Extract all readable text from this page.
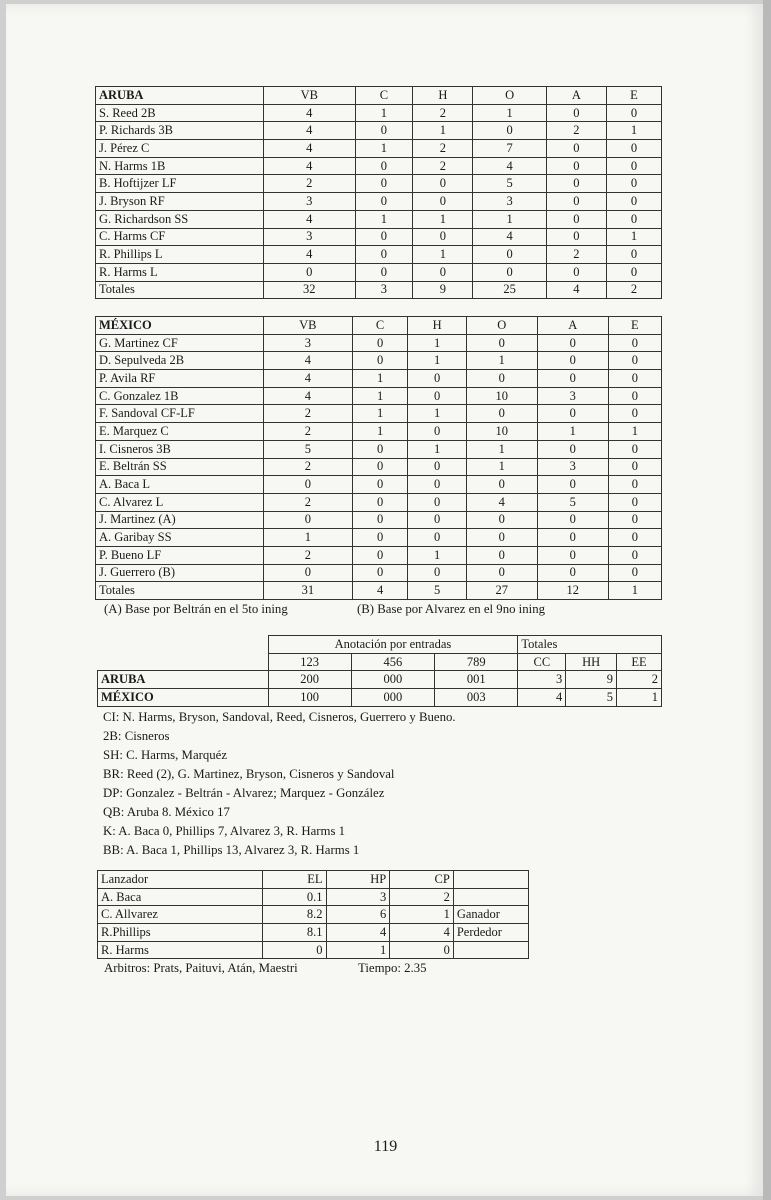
ARUBA	VB	C	H	O	A	E
S. Reed 2B	4	1	2	1	0	0
P. Richards 3B	4	0	1	0	2	1
J. Pérez C	4	1	2	7	0	0
N. Harms 1B	4	0	2	4	0	0
B. Hoftijzer LF	2	0	0	5	0	0
J. Bryson RF	3	0	0	3	0	0
G. Richardson SS	4	1	1	1	0	0
C. Harms CF	3	0	0	4	0	1
R. Phillips L	4	0	1	0	2	0
R. Harms L	0	0	0	0	0	0
Totales	32	3	9	25	4	2
MÉXICO	VB	C	H	O	A	E
G. Martinez CF	3	0	1	0	0	0
D. Sepulveda 2B	4	0	1	1	0	0
P. Avila RF	4	1	0	0	0	0
C. Gonzalez 1B	4	1	0	10	3	0
F. Sandoval CF-LF	2	1	1	0	0	0
E. Marquez C	2	1	0	10	1	1
I. Cisneros 3B	5	0	1	1	0	0
E. Beltrán SS	2	0	0	1	3	0
A. Baca L	0	0	0	0	0	0
C. Alvarez L	2	0	0	4	5	0
J. Martinez (A)	0	0	0	0	0	0
A. Garibay SS	1	0	0	0	0	0
P. Bueno LF	2	0	1	0	0	0
J. Guerrero (B)	0	0	0	0	0	0
Totales	31	4	5	27	12	1
(A) Base por Beltrán en el 5to ining	(B) Base por Alvarez en el 9no ining
	Anotación por entradas			Totales		
	123	456	789	CC	HH	EE
ARUBA	200	000	001	3	9	2
MÉXICO	100	000	003	4	5	1
CI: N. Harms, Bryson, Sandoval, Reed, Cisneros, Guerrero y Bueno.
2B: Cisneros
SH: C. Harms, Marquéz
BR: Reed (2), G. Martinez, Bryson, Cisneros y Sandoval
DP: Gonzalez - Beltrán - Alvarez; Marquez - González
QB: Aruba 8. México 17
K: A. Baca 0, Phillips 7, Alvarez 3, R. Harms 1
BB: A. Baca 1, Phillips 13, Alvarez 3, R. Harms 1
Lanzador	EL	HP	CP	
A. Baca	0.1	3	2	
C. Allvarez	8.2	6	1	Ganador
R.Phillips	8.1	4	4	Perdedor
R. Harms	0	1	0	
Arbitros: Prats, Paituvi, Atán, Maestri	Tiempo: 2.35
119
